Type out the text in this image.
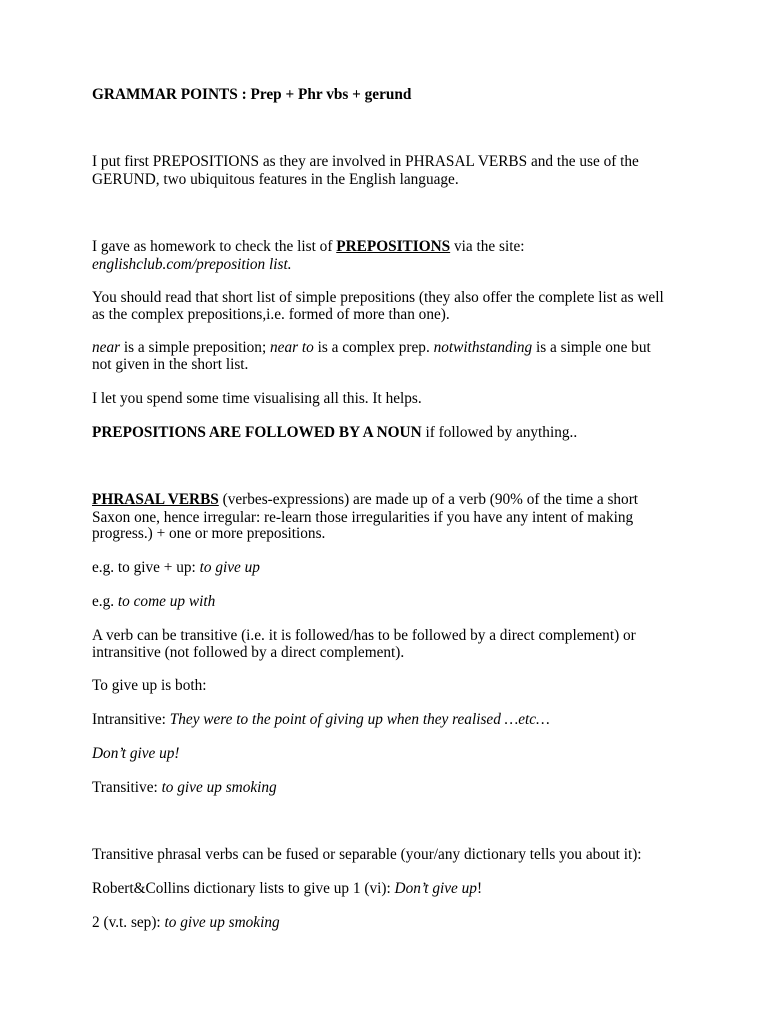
GRAMMAR POINTS : Prep + Phr vbs + gerund

I put first PREPOSITIONS as they are involved in PHRASAL VERBS and the use of the

GERUND, two ubiquitous features in the English language.

I gave as homework to check the list of PREPOSITIONS via the site:

englishclub.com/preposition list.

You should read that short list of simple prepositions (they also offer the complete list as well

as the complex prepositions,i.e. formed of more than one).

near is a simple preposition; near to is a complex prep. notwithstanding is a simple one but

not given in the short list.

I let you spend some time visualising all this. It helps.

PREPOSITIONS ARE FOLLOWED BY A NOUN if followed by anything..

PHRASAL VERBS (verbes-expressions) are made up of a verb (90% of the time a short

Saxon one, hence irregular: re-learn those irregularities if you have any intent of making

progress.) + one or more prepositions.

e.g. to give + up: to give up

e.g. to come up with

A verb can be transitive (i.e. it is followed/has to be followed by a direct complement) or

intransitive (not followed by a direct complement).

To give up is both:

Intransitive: They were to the point of giving up when they realised …etc…

Don’t give up!

Transitive: to give up smoking

Transitive phrasal verbs can be fused or separable (your/any dictionary tells you about it):

Robert&Collins dictionary lists to give up 1 (vi): Don’t give up!

2 (v.t. sep): to give up smoking
